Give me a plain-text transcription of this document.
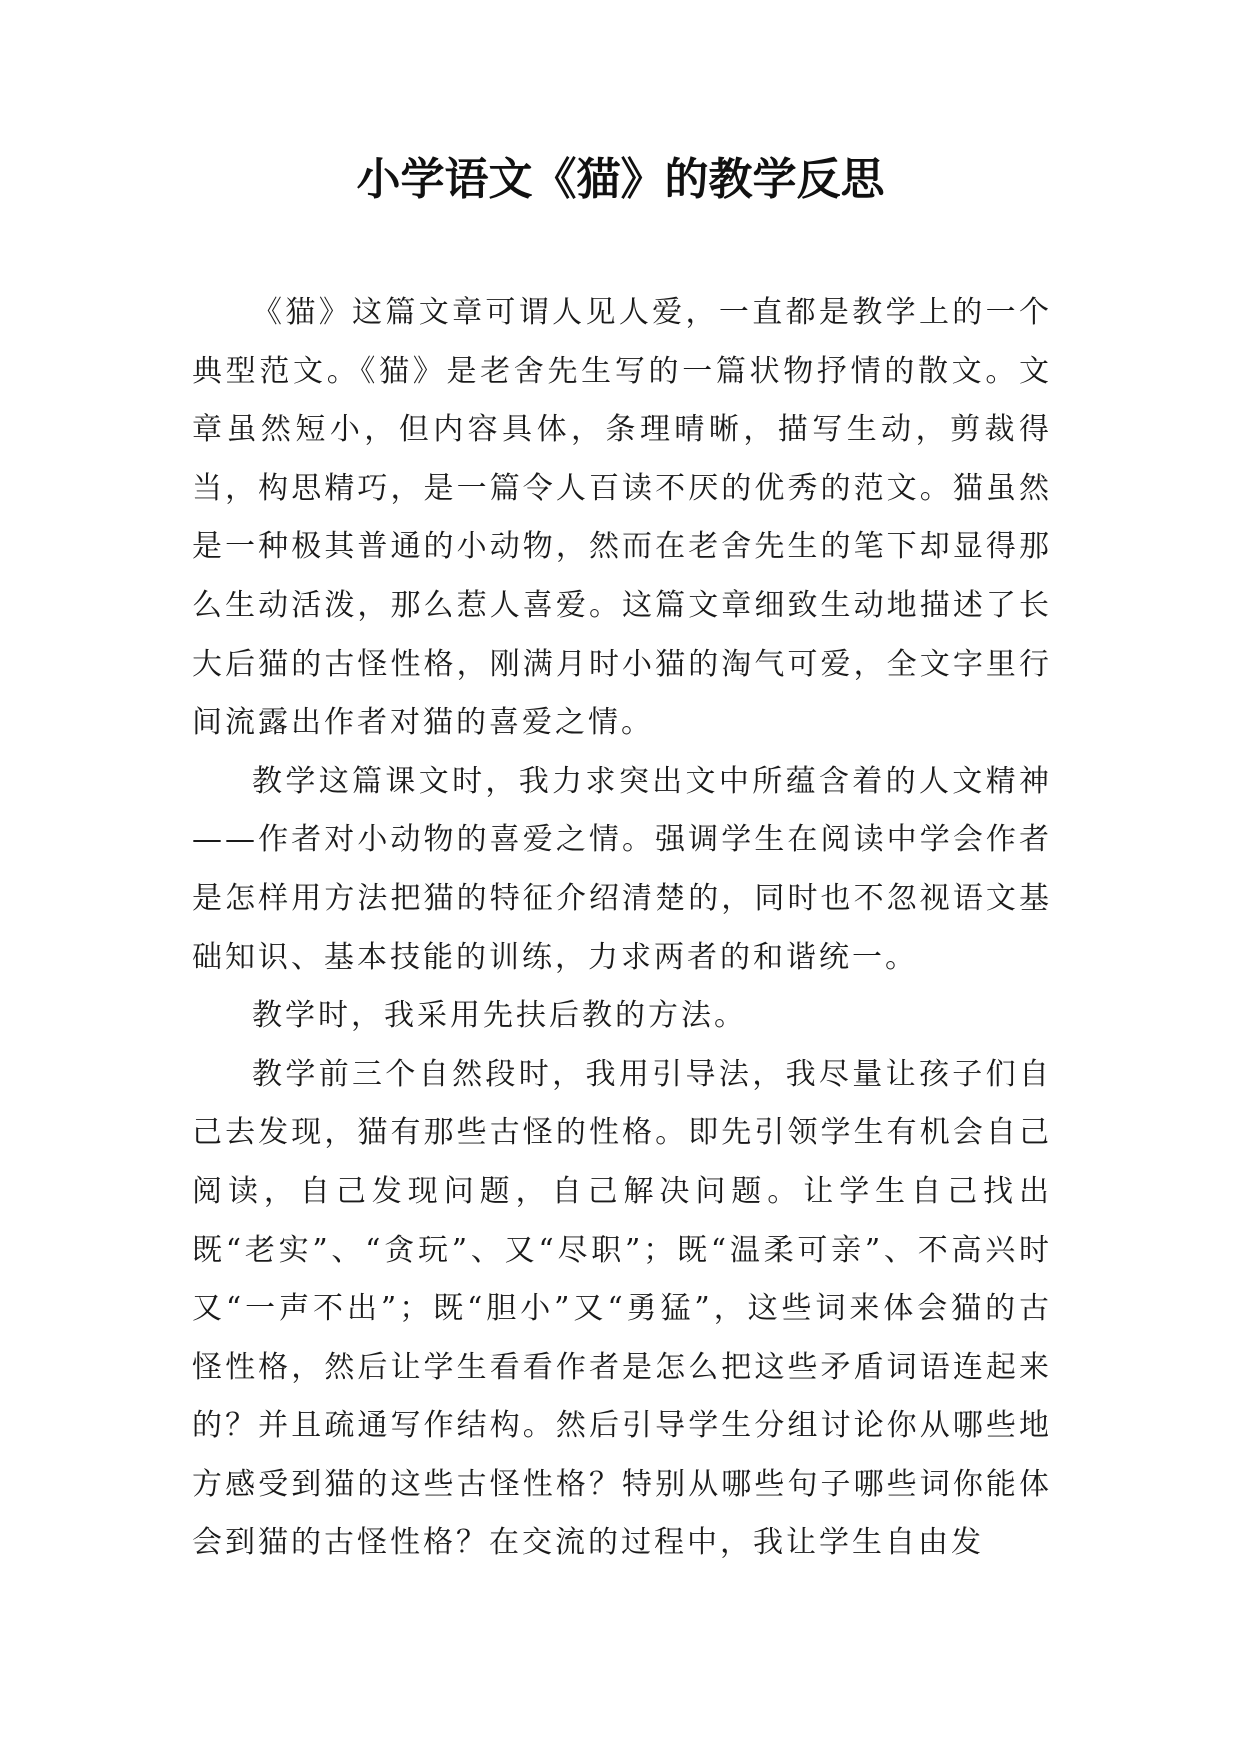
小学语文《猫》的教学反思

《猫》这篇文章可谓人见人爱，一直都是教学上的一个典型范文。《猫》是老舍先生写的一篇状物抒情的散文。文章虽然短小，但内容具体，条理晴晰，描写生动，剪裁得当，构思精巧，是一篇令人百读不厌的优秀的范文。猫虽然是一种极其普通的小动物，然而在老舍先生的笔下却显得那么生动活泼，那么惹人喜爱。这篇文章细致生动地描述了长大后猫的古怪性格，刚满月时小猫的淘气可爱，全文字里行间流露出作者对猫的喜爱之情。

教学这篇课文时，我力求突出文中所蕴含着的人文精神——作者对小动物的喜爱之情。强调学生在阅读中学会作者是怎样用方法把猫的特征介绍清楚的，同时也不忽视语文基础知识、基本技能的训练，力求两者的和谐统一。

教学时，我采用先扶后教的方法。

教学前三个自然段时，我用引导法，我尽量让孩子们自己去发现，猫有那些古怪的性格。即先引领学生有机会自己阅读，自己发现问题，自己解决问题。让学生自己找出既“老实”、“贪玩”、又“尽职”；既“温柔可亲”、不高兴时又“一声不出”；既“胆小”又“勇猛”，这些词来体会猫的古怪性格，然后让学生看看作者是怎么把这些矛盾词语连起来的？并且疏通写作结构。然后引导学生分组讨论你从哪些地方感受到猫的这些古怪性格？特别从哪些句子哪些词你能体会到猫的古怪性格？在交流的过程中，我让学生自由发
